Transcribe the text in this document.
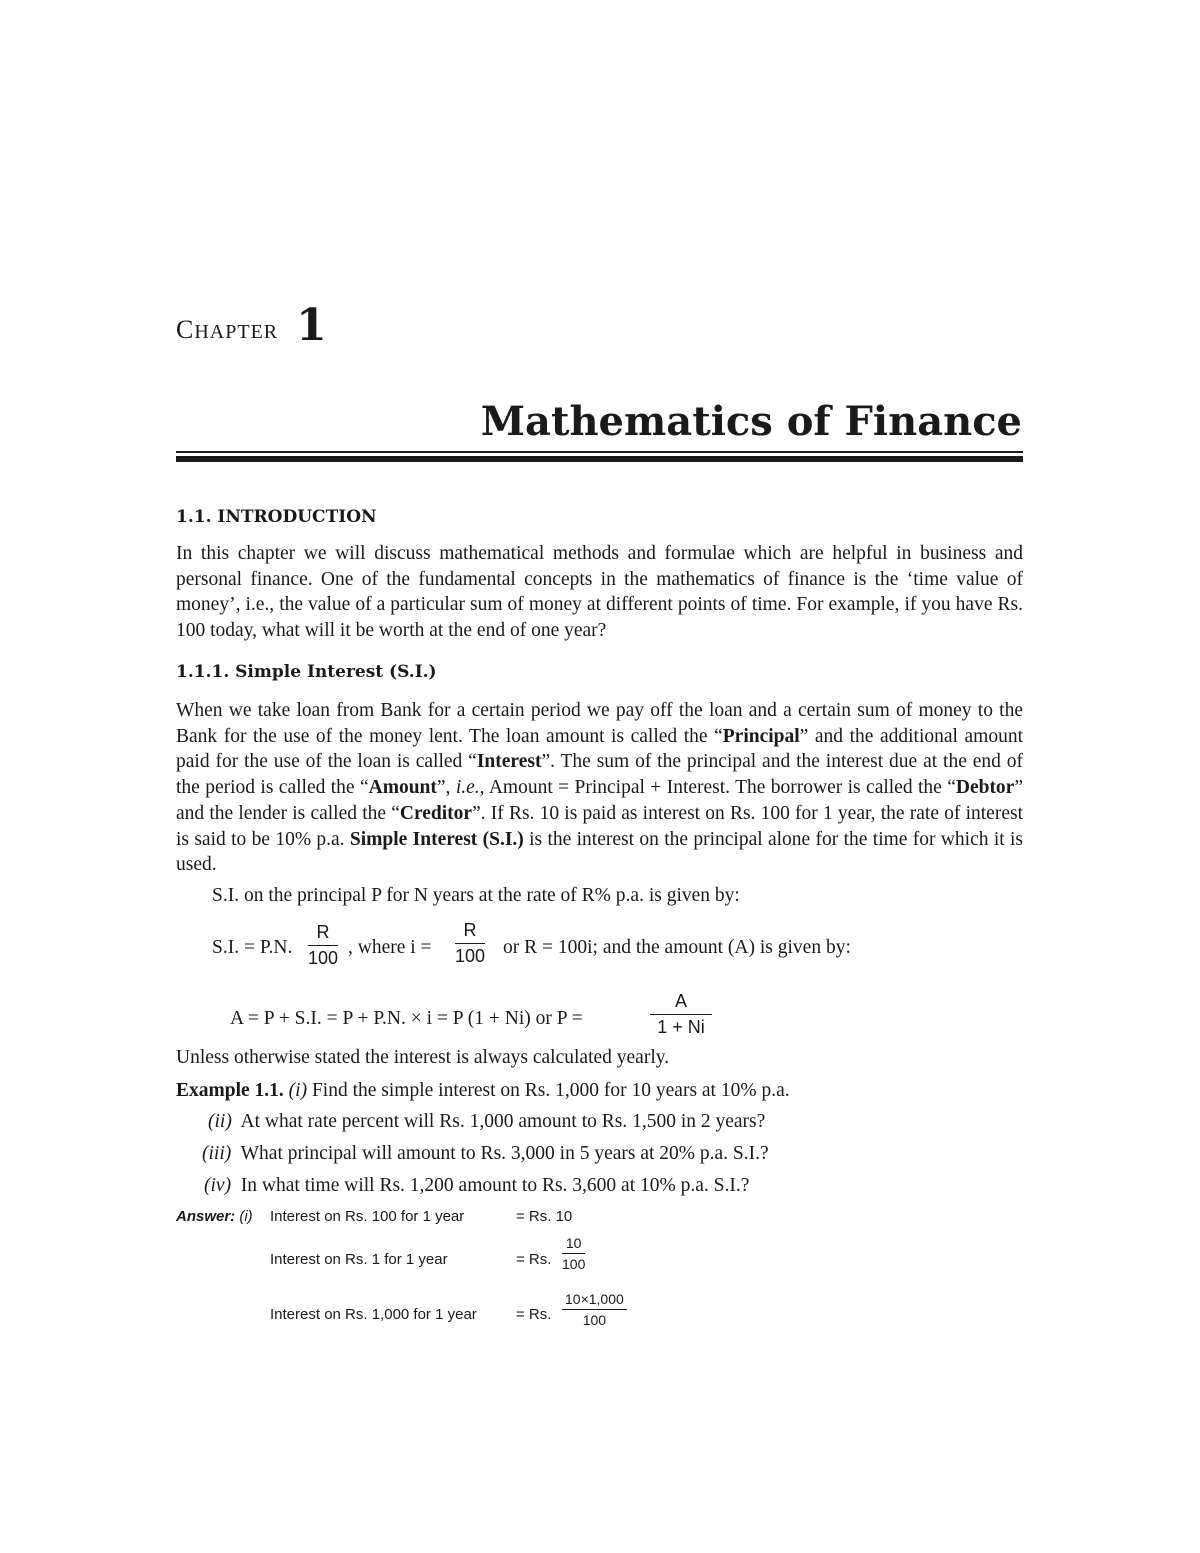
CHAPTER 1
Mathematics of Finance
1.1. INTRODUCTION
In this chapter we will discuss mathematical methods and formulae which are helpful in business and personal finance. One of the fundamental concepts in the mathematics of finance is the ‘time value of money’, i.e., the value of a particular sum of money at different points of time. For example, if you have Rs. 100 today, what will it be worth at the end of one year?
1.1.1. Simple Interest (S.I.)
When we take loan from Bank for a certain period we pay off the loan and a certain sum of money to the Bank for the use of the money lent. The loan amount is called the “Principal” and the additional amount paid for the use of the loan is called “Interest”. The sum of the principal and the interest due at the end of the period is called the “Amount”, i.e., Amount = Principal + Interest. The borrower is called the “Debtor” and the lender is called the “Creditor”. If Rs. 10 is paid as interest on Rs. 100 for 1 year, the rate of interest is said to be 10% p.a. Simple Interest (S.I.) is the interest on the principal alone for the time for which it is used.
S.I. on the principal P for N years at the rate of R% p.a. is given by:
S.I. = P.N. $\frac{R}{100}$ , where $i = \frac{R}{100}$ or R = 100i; and the amount (A) is given by:
A = P + S.I. = P + P.N. × i = P (1 + Ni) or P =	$\frac{A}{1 + Ni}$
Unless otherwise stated the interest is always calculated yearly.
Example 1.1. (i) Find the simple interest on Rs. 1,000 for 10 years at 10% p.a.
(ii) At what rate percent will Rs. 1,000 amount to Rs. 1,500 in 2 years?
(iii) What principal will amount to Rs. 3,000 in 5 years at 20% p.a. S.I.?
(iv) In what time will Rs. 1,200 amount to Rs. 3,600 at 10% p.a. S.I.?
Answer: (i) Interest on Rs. 100 for 1 year	= Rs. 10
Interest on Rs. 1 for 1 year	= Rs. $\frac{10}{100}$
Interest on Rs. 1,000 for 1 year	= Rs. $\frac{10\times 1,000}{100}$
